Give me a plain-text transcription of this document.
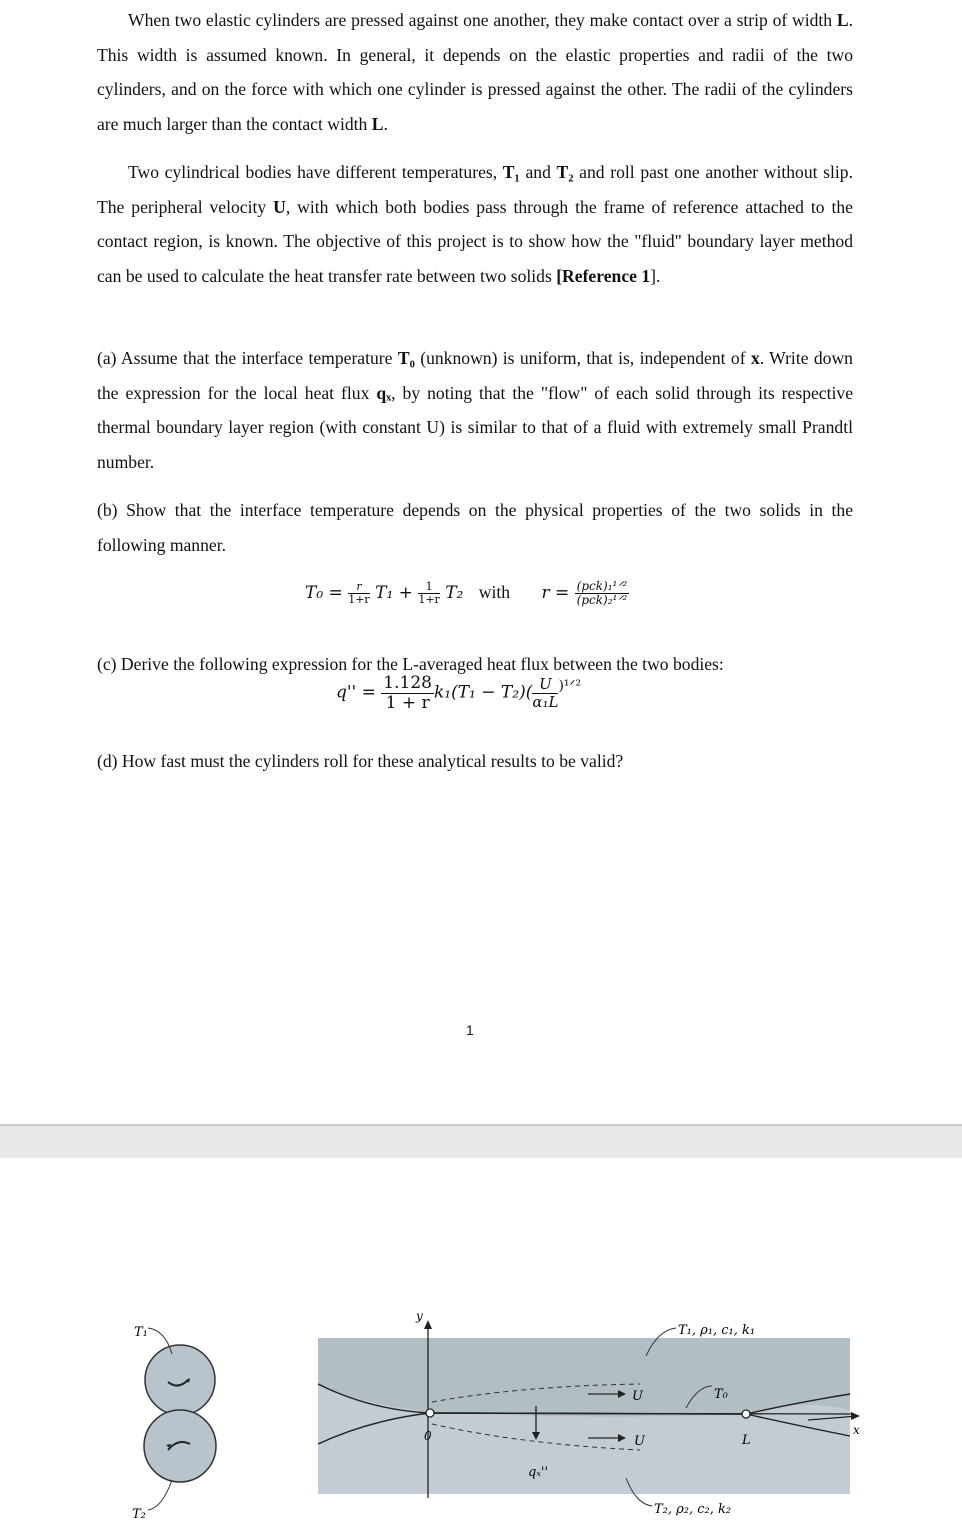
When two elastic cylinders are pressed against one another, they make contact over a strip of width L. This width is assumed known. In general, it depends on the elastic properties and radii of the two cylinders, and on the force with which one cylinder is pressed against the other. The radii of the cylinders are much larger than the contact width L.

Two cylindrical bodies have different temperatures, T₁ and T₂ and roll past one another without slip. The peripheral velocity U, with which both bodies pass through the frame of reference attached to the contact region, is known. The objective of this project is to show how the "fluid" boundary layer method can be used to calculate the heat transfer rate between two solids [Reference 1].

(a) Assume that the interface temperature T₀ (unknown) is uniform, that is, independent of x. Write down the expression for the local heat flux qₓ, by noting that the "flow" of each solid through its respective thermal boundary layer region (with constant U) is similar to that of a fluid with extremely small Prandtl number.

(b) Show that the interface temperature depends on the physical properties of the two solids in the following manner.

$T_0 = \frac{r}{1+r} T_1 + \frac{1}{1+r} T_2$ with $r = \frac{\text{(pck)₁¹ᐟ²}}{\text{(pck)₂¹ᐟ²}}$

(c) Derive the following expression for the L-averaged heat flux between the two bodies:

$q'' = \frac{1.128}{1 + r} k_1(T_1 - T_2)( \frac{U}{\text{α₁L}} ^{)^1ᐟ^2}$

(d) How fast must the cylinders roll for these analytical results to be valid?

1
T₁
T₂
y
x
0
U
U
T₀
L
qₓ''
T₁, ρ₁, c₁, k₁
T₂, ρ₂, c₂, k₂
